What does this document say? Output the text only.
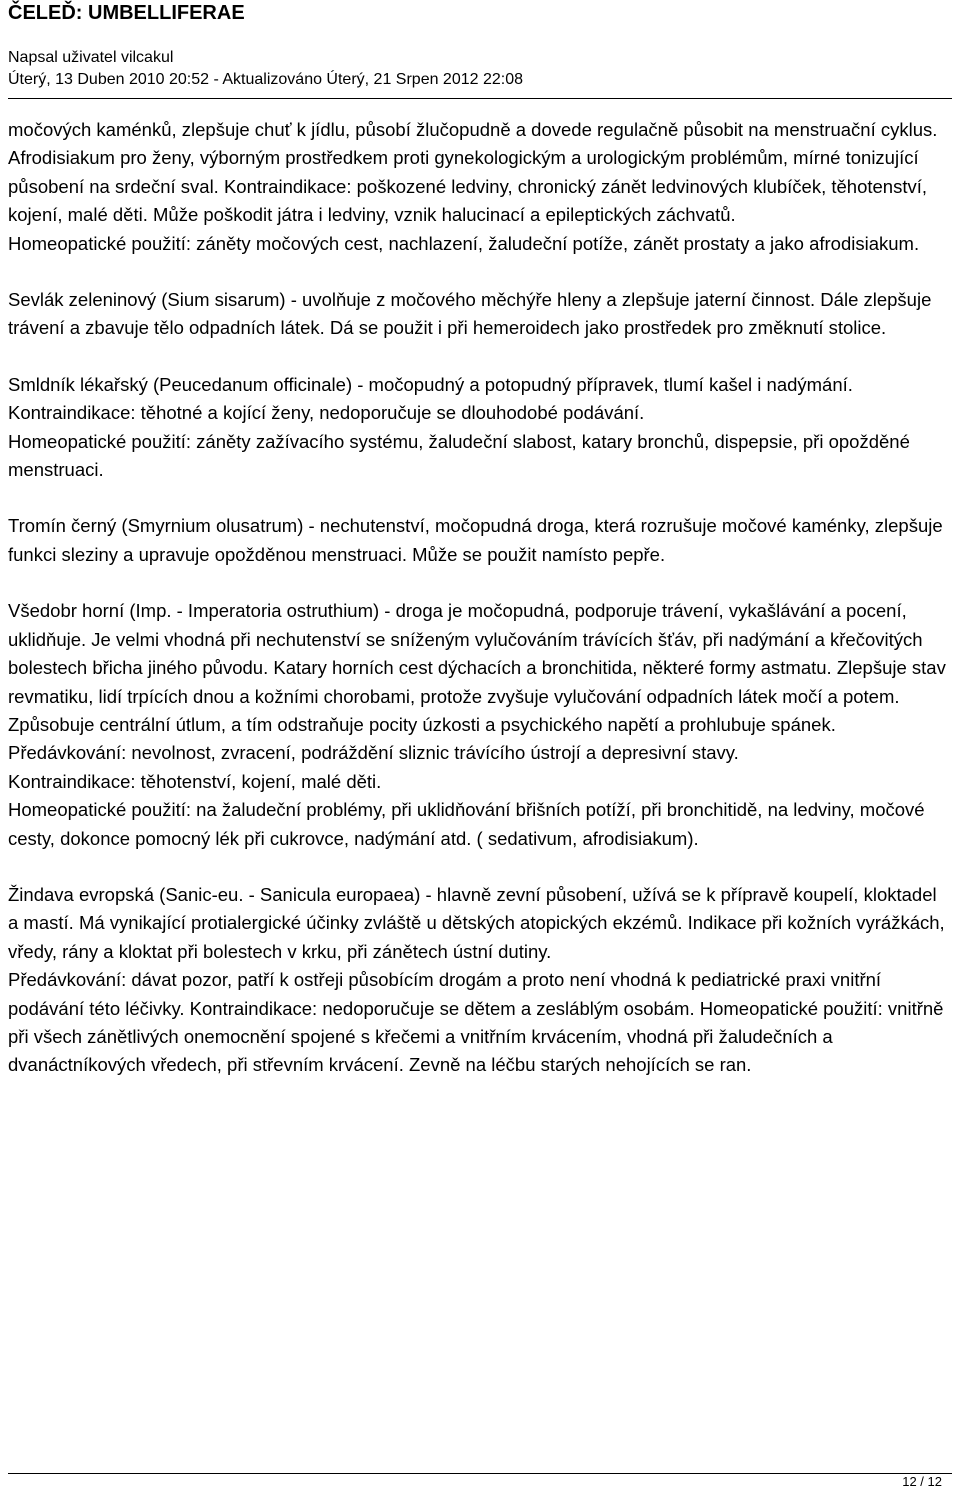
ČELEĎ: UMBELLIFERAE

Napsal uživatel vilcakul

Úterý, 13 Duben 2010 20:52 - Aktualizováno Úterý, 21 Srpen 2012 22:08

močových kaménků, zlepšuje chuť k jídlu, působí žlučopudně a dovede regulačně působit na menstruační cyklus. Afrodisiakum pro ženy, výborným prostředkem proti gynekologickým a urologickým problémům, mírné tonizující působení na srdeční sval. Kontraindikace: poškozené ledviny, chronický zánět ledvinových klubíček, těhotenství, kojení, malé děti. Může poškodit játra i ledviny, vznik halucinací a epileptických záchvatů.
Homeopatické použití: záněty močových cest, nachlazení, žaludeční potíže, zánět prostaty a jako afrodisiakum.

Sevlák zeleninový (Sium sisarum) - uvolňuje z močového měchýře hleny a zlepšuje jaterní činnost. Dále zlepšuje trávení a zbavuje tělo odpadních látek. Dá se použit i při hemeroidech jako prostředek pro změknutí stolice.

Smldník lékařský (Peucedanum officinale) - močopudný a potopudný přípravek, tlumí kašel i nadýmání. Kontraindikace: těhotné a kojící ženy, nedoporučuje se dlouhodobé podávání.
Homeopatické použití: záněty zažívacího systému, žaludeční slabost, katary bronchů, dispepsie, při opožděné menstruaci.

Tromín černý (Smyrnium olusatrum) - nechutenství, močopudná droga, která rozrušuje močové kaménky, zlepšuje funkci sleziny a upravuje opožděnou menstruaci. Může se použit namísto pepře.

Všedobr horní (Imp. - Imperatoria ostruthium) - droga je močopudná, podporuje trávení, vykašlávání a pocení, uklidňuje. Je velmi vhodná při nechutenství se sníženým vylučováním trávících šťáv, při nadýmání a křečovitých bolestech břicha jiného původu. Katary horních cest dýchacích a bronchitida, některé formy astmatu. Zlepšuje stav revmatiku, lidí trpících dnou a kožními chorobami, protože zvyšuje vylučování odpadních látek močí a potem. Způsobuje centrální útlum, a tím odstraňuje pocity úzkosti a psychického napětí a prohlubuje spánek.
Předávkování: nevolnost, zvracení, podráždění sliznic trávícího ústrojí a depresivní stavy.
Kontraindikace: těhotenství, kojení, malé děti.
Homeopatické použití: na žaludeční problémy, při uklidňování břišních potíží, při bronchitidě, na ledviny, močové cesty, dokonce pomocný lék při cukrovce, nadýmání atd. ( sedativum, afrodisiakum).

Žindava evropská (Sanic-eu. - Sanicula europaea) - hlavně zevní působení, užívá se k přípravě koupelí, kloktadel a mastí. Má vynikající protialergické účinky zvláště u dětských atopických ekzémů. Indikace při kožních vyrážkách, vředy, rány a kloktat při bolestech v krku, při zánětech ústní dutiny.
Předávkování: dávat pozor, patří k ostřeji působícím drogám a proto není vhodná k pediatrické praxi vnitřní podávání této léčivky. Kontraindikace: nedoporučuje se dětem a zesláblým osobám. Homeopatické použití: vnitřně při všech zánětlivých onemocnění spojené s křečemi a vnitřním krvácením, vhodná při žaludečních a dvanáctníkových vředech, při střevním krvácení. Zevně na léčbu starých nehojících se ran.

12 / 12
